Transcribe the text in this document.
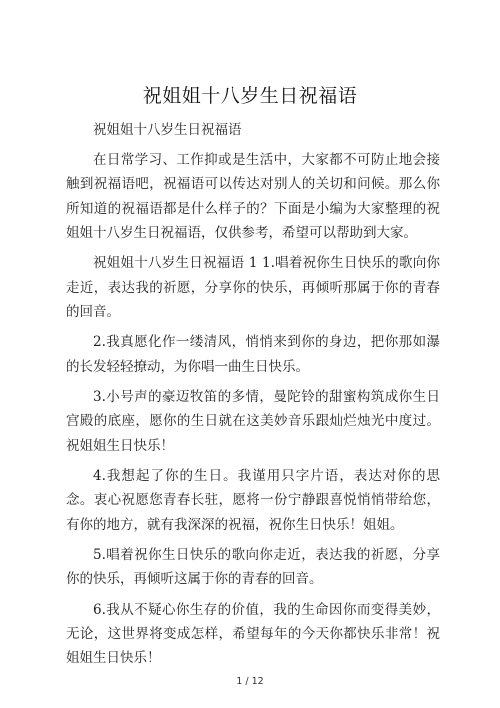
祝姐姐十八岁生日祝福语

祝姐姐十八岁生日祝福语

在日常学习、工作抑或是生活中，大家都不可防止地会接触到祝福语吧，祝福语可以传达对别人的关切和问候。那么你所知道的祝福语都是什么样子的？下面是小编为大家整理的祝姐姐十八岁生日祝福语，仅供参考，希望可以帮助到大家。

祝姐姐十八岁生日祝福语 1 1.唱着祝你生日快乐的歌向你走近，表达我的祈愿，分享你的快乐，再倾听那属于你的青春的回音。

2.我真愿化作一缕清风，悄悄来到你的身边，把你那如瀑的长发轻轻撩动，为你唱一曲生日快乐。

3.小号声的豪迈牧笛的多情，曼陀铃的甜蜜构筑成你生日宫殿的底座，愿你的生日就在这美妙音乐跟灿烂烛光中度过。祝姐姐生日快乐！

4.我想起了你的生日。我谨用只字片语，表达对你的思念。衷心祝愿您青春长驻，愿将一份宁静跟喜悦悄悄带给您，有你的地方，就有我深深的祝福，祝你生日快乐！姐姐。

5.唱着祝你生日快乐的歌向你走近，表达我的祈愿，分享你的快乐，再倾听这属于你的青春的回音。

6.我从不疑心你生存的价值，我的生命因你而变得美妙，无论，这世界将变成怎样，希望每年的今天你都快乐非常！祝姐姐生日快乐！

1 / 12
